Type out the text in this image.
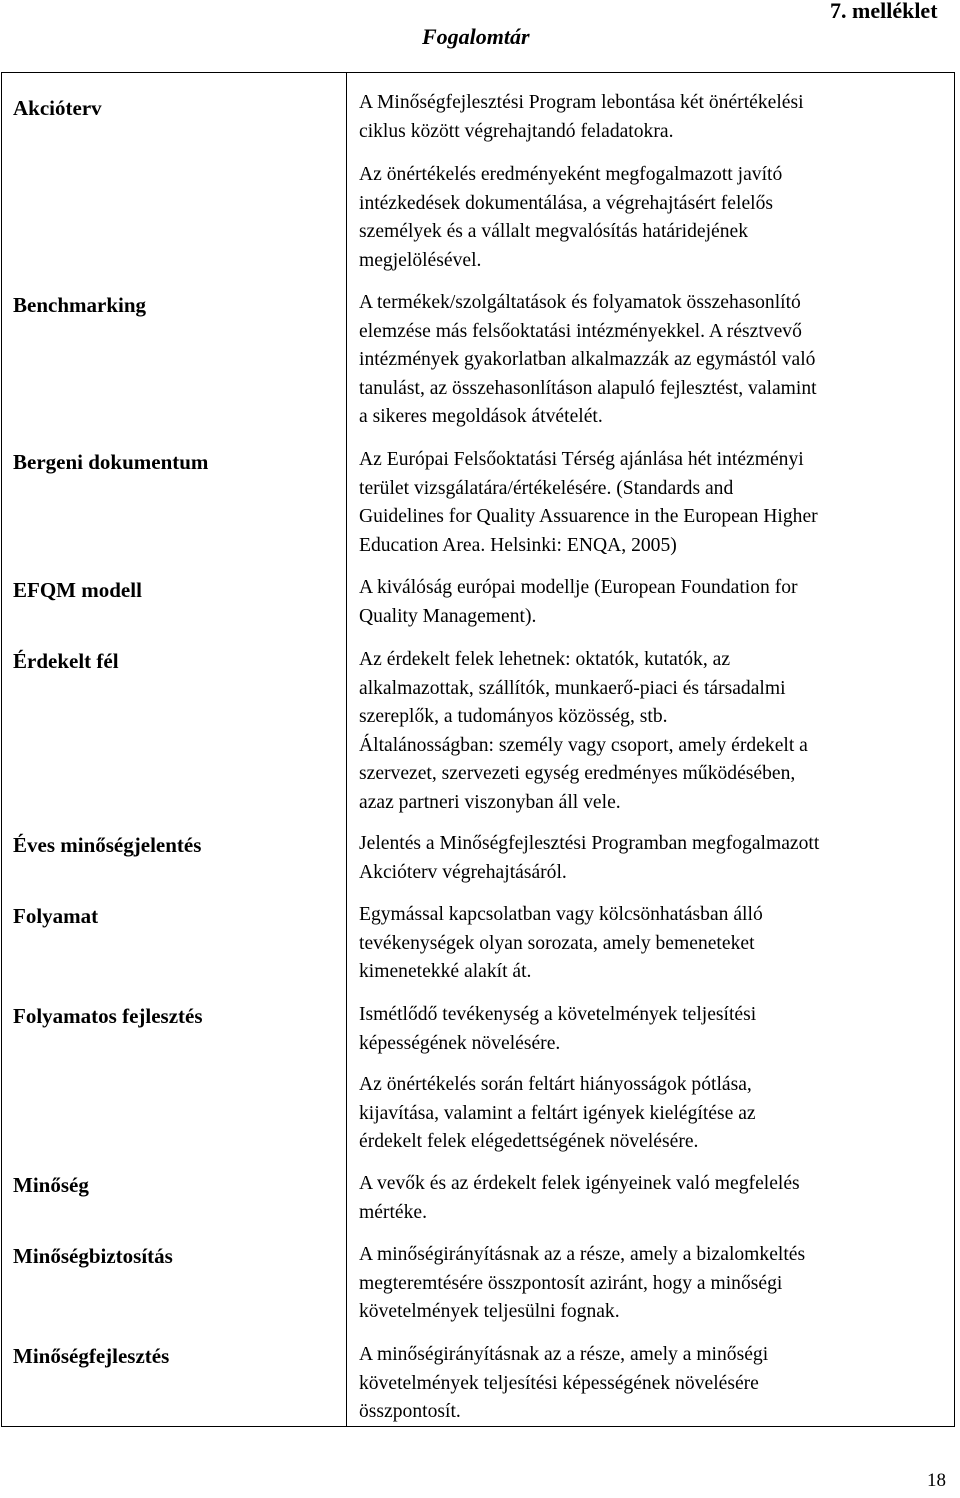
Fogalomtár
7. melléklet
Akcióterv	A Minőségfejlesztési Program lebontása két önértékelési
ciklus között végrehajtandó feladatokra.
Az önértékelés eredményeként megfogalmazott javító
intézkedések dokumentálása, a végrehajtásért felelős
személyek és a vállalt megvalósítás határidejének
megjelölésével.
Benchmarking	A termékek/szolgáltatások és folyamatok összehasonlító
elemzése más felsőoktatási intézményekkel. A résztvevő
intézmények gyakorlatban alkalmazzák az egymástól való
tanulást, az összehasonlításon alapuló fejlesztést, valamint
a sikeres megoldások átvételét.
Bergeni dokumentum	Az Európai Felsőoktatási Térség ajánlása hét intézményi
terület vizsgálatára/értékelésére. (Standards and
Guidelines for Quality Assuarence in the European Higher
Education Area. Helsinki: ENQA, 2005)
EFQM modell	A kiválóság európai modellje (European Foundation for
Quality Management).
Érdekelt fél	Az érdekelt felek lehetnek: oktatók, kutatók, az
alkalmazottak, szállítók, munkaerő-piaci és társadalmi
szereplők, a tudományos közösség, stb.
Általánosságban: személy vagy csoport, amely érdekelt a
szervezet, szervezeti egység eredményes működésében,
azaz partneri viszonyban áll vele.
Éves minőségjelentés	Jelentés a Minőségfejlesztési Programban megfogalmazott
Akcióterv végrehajtásáról.
Folyamat	Egymással kapcsolatban vagy kölcsönhatásban álló
tevékenységek olyan sorozata, amely bemeneteket
kimenetekké alakít át.
Folyamatos fejlesztés	Ismétlődő tevékenység a követelmények teljesítési
képességének növelésére.
Az önértékelés során feltárt hiányosságok pótlása,
kijavítása, valamint a feltárt igények kielégítése az
érdekelt felek elégedettségének növelésére.
Minőség	A vevők és az érdekelt felek igényeinek való megfelelés
mértéke.
Minőségbiztosítás	A minőségirányításnak az a része, amely a bizalomkeltés
megteremtésére összpontosít aziránt, hogy a minőségi
követelmények teljesülni fognak.
Minőségfejlesztés	A minőségirányításnak az a része, amely a minőségi
követelmények teljesítési képességének növelésére
összpontosít.
18
